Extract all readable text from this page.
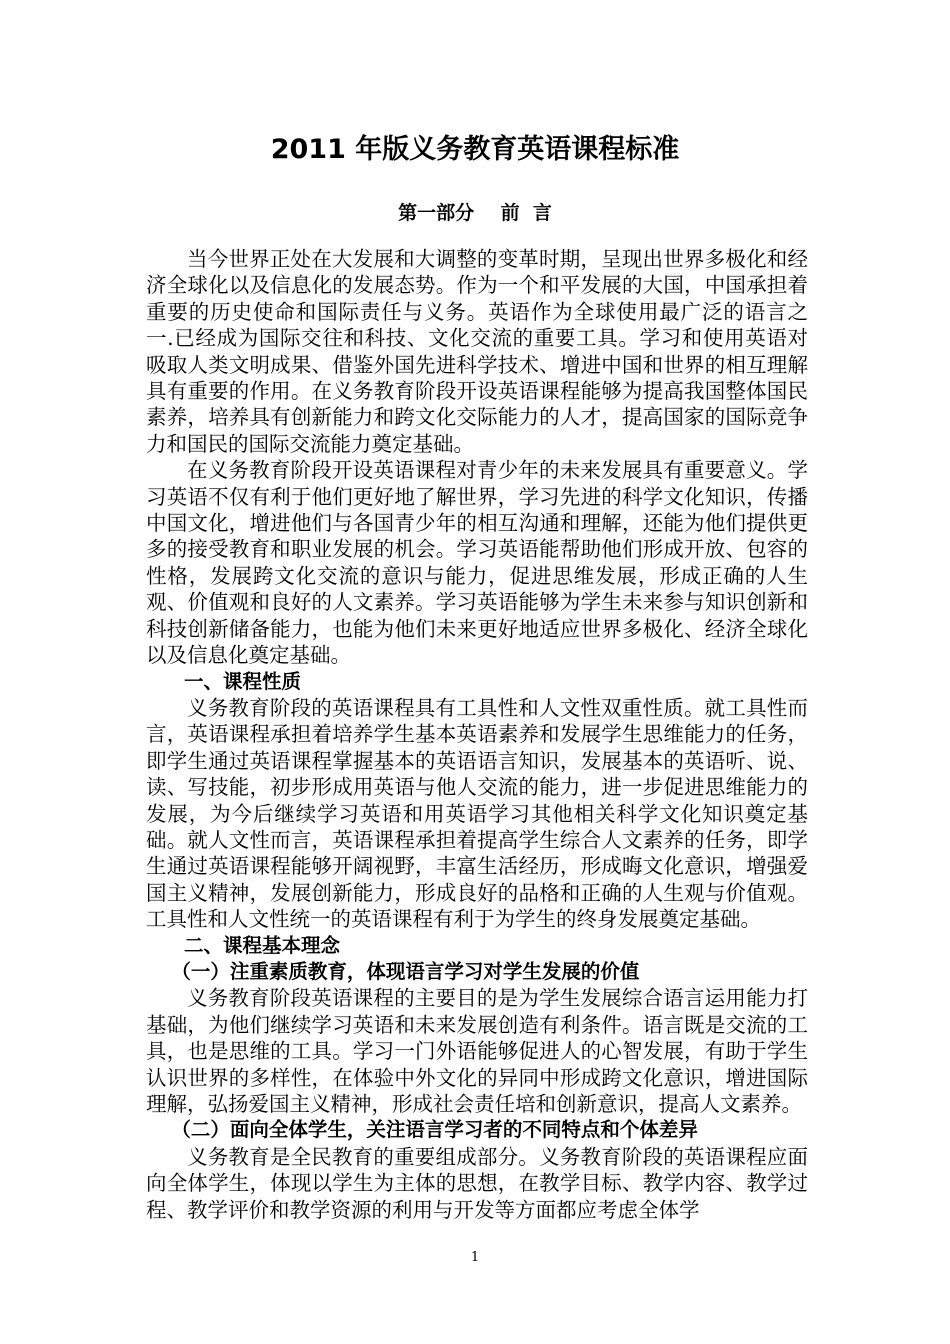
2011 年版义务教育英语课程标准
第一部分    前  言

当今世界正处在大发展和大调整的变革时期，呈现出世界多极化和经济全球化以及信息化的发展态势。作为一个和平发展的大国，中国承担着重要的历史使命和国际责任与义务。英语作为全球使用最广泛的语言之一.已经成为国际交往和科技、文化交流的重要工具。学习和使用英语对吸取人类文明成果、借鉴外国先进科学技术、增进中国和世界的相互理解具有重要的作用。在义务教育阶段开设英语课程能够为提高我国整体国民素养，培养具有创新能力和跨文化交际能力的人才，提高国家的国际竞争力和国民的国际交流能力奠定基础。

在义务教育阶段开设英语课程对青少年的未来发展具有重要意义。学习英语不仅有利于他们更好地了解世界，学习先进的科学文化知识，传播中国文化，增进他们与各国青少年的相互沟通和理解，还能为他们提供更多的接受教育和职业发展的机会。学习英语能帮助他们形成开放、包容的性格，发展跨文化交流的意识与能力，促进思维发展，形成正确的人生观、价值观和良好的人文素养。学习英语能够为学生未来参与知识创新和科技创新储备能力，也能为他们未来更好地适应世界多极化、经济全球化以及信息化奠定基础。

一、课程性质

义务教育阶段的英语课程具有工具性和人文性双重性质。就工具性而言，英语课程承担着培养学生基本英语素养和发展学生思维能力的任务，即学生通过英语课程掌握基本的英语语言知识，发展基本的英语听、说、读、写技能，初步形成用英语与他人交流的能力，进一步促进思维能力的发展，为今后继续学习英语和用英语学习其他相关科学文化知识奠定基础。就人文性而言，英语课程承担着提高学生综合人文素养的任务，即学生通过英语课程能够开阔视野，丰富生活经历，形成晦文化意识，增强爱国主义精神，发展创新能力，形成良好的品格和正确的人生观与价值观。工具性和人文性统一的英语课程有利于为学生的终身发展奠定基础。

二、课程基本理念
（一）注重素质教育，体现语言学习对学生发展的价值

义务教育阶段英语课程的主要目的是为学生发展综合语言运用能力打基础，为他们继续学习英语和未来发展创造有利条件。语言既是交流的工具，也是思维的工具。学习一门外语能够促进人的心智发展，有助于学生认识世界的多样性，在体验中外文化的异同中形成跨文化意识，增进国际理解，弘扬爱国主义精神，形成社会责任培和创新意识，提高人文素养。

（二）面向全体学生，关注语言学习者的不同特点和个体差异

义务教育是全民教育的重要组成部分。义务教育阶段的英语课程应面向全体学生，体现以学生为主体的思想，在教学目标、教学内容、教学过程、教学评价和教学资源的利用与开发等方面都应考虑全体学

1
